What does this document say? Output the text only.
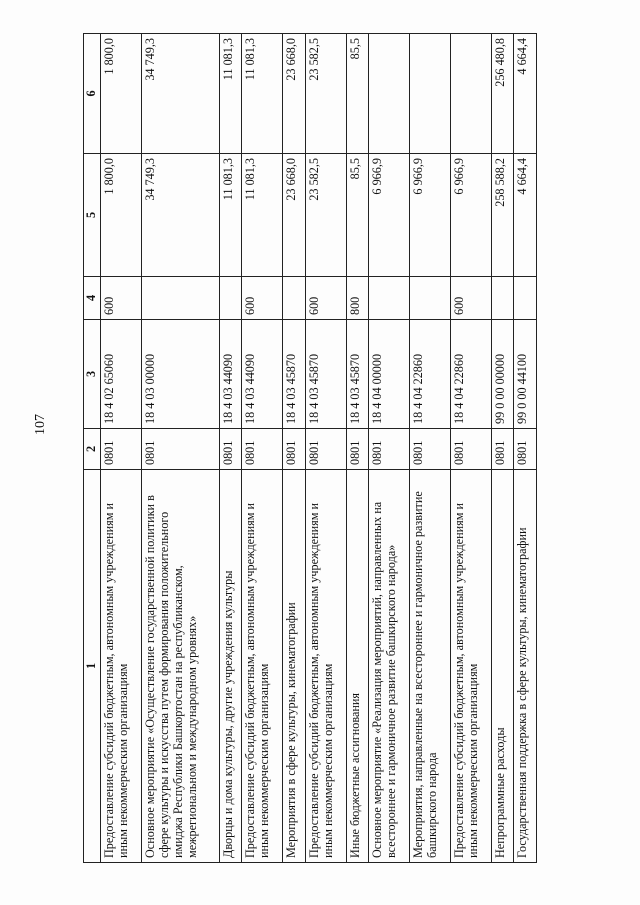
107
1	2	3	4	5	6
Предоставление субсидий бюджетным, автономным учреждениям и иным некоммерческим организациям	0801	18 4 02 65060	600	1 800,0	1 800,0
Основное мероприятие «Осуществление государственной политики в сфере культуры и искусства путем формирования положительного имиджа Республики Башкортостан на республиканском, межрегиональном и международном уровнях»	0801	18 4 03 00000		34 749,3	34 749,3
Дворцы и дома культуры, другие учреждения культуры	0801	18 4 03 44090		11 081,3	11 081,3
Предоставление субсидий бюджетным, автономным учреждениям и иным некоммерческим организациям	0801	18 4 03 44090	600	11 081,3	11 081,3
Мероприятия в сфере культуры, кинематографии	0801	18 4 03 45870		23 668,0	23 668,0
Предоставление субсидий бюджетным, автономным учреждениям и иным некоммерческим организациям	0801	18 4 03 45870	600	23 582,5	23 582,5
Иные бюджетные ассигнования	0801	18 4 03 45870	800	85,5	85,5
Основное мероприятие «Реализация мероприятий, направленных на всестороннее и гармоничное развитие башкирского народа»	0801	18 4 04 00000		6 966,9	
Мероприятия, направленные на всестороннее и гармоничное развитие башкирского народа	0801	18 4 04 22860		6 966,9	
Предоставление субсидий бюджетным, автономным учреждениям и иным некоммерческим организациям	0801	18 4 04 22860	600	6 966,9	
Непрограммные расходы	0801	99 0 00 00000		258 588,2	256 480,8
Государственная поддержка в сфере культуры, кинематографии	0801	99 0 00 44100		4 664,4	4 664,4
